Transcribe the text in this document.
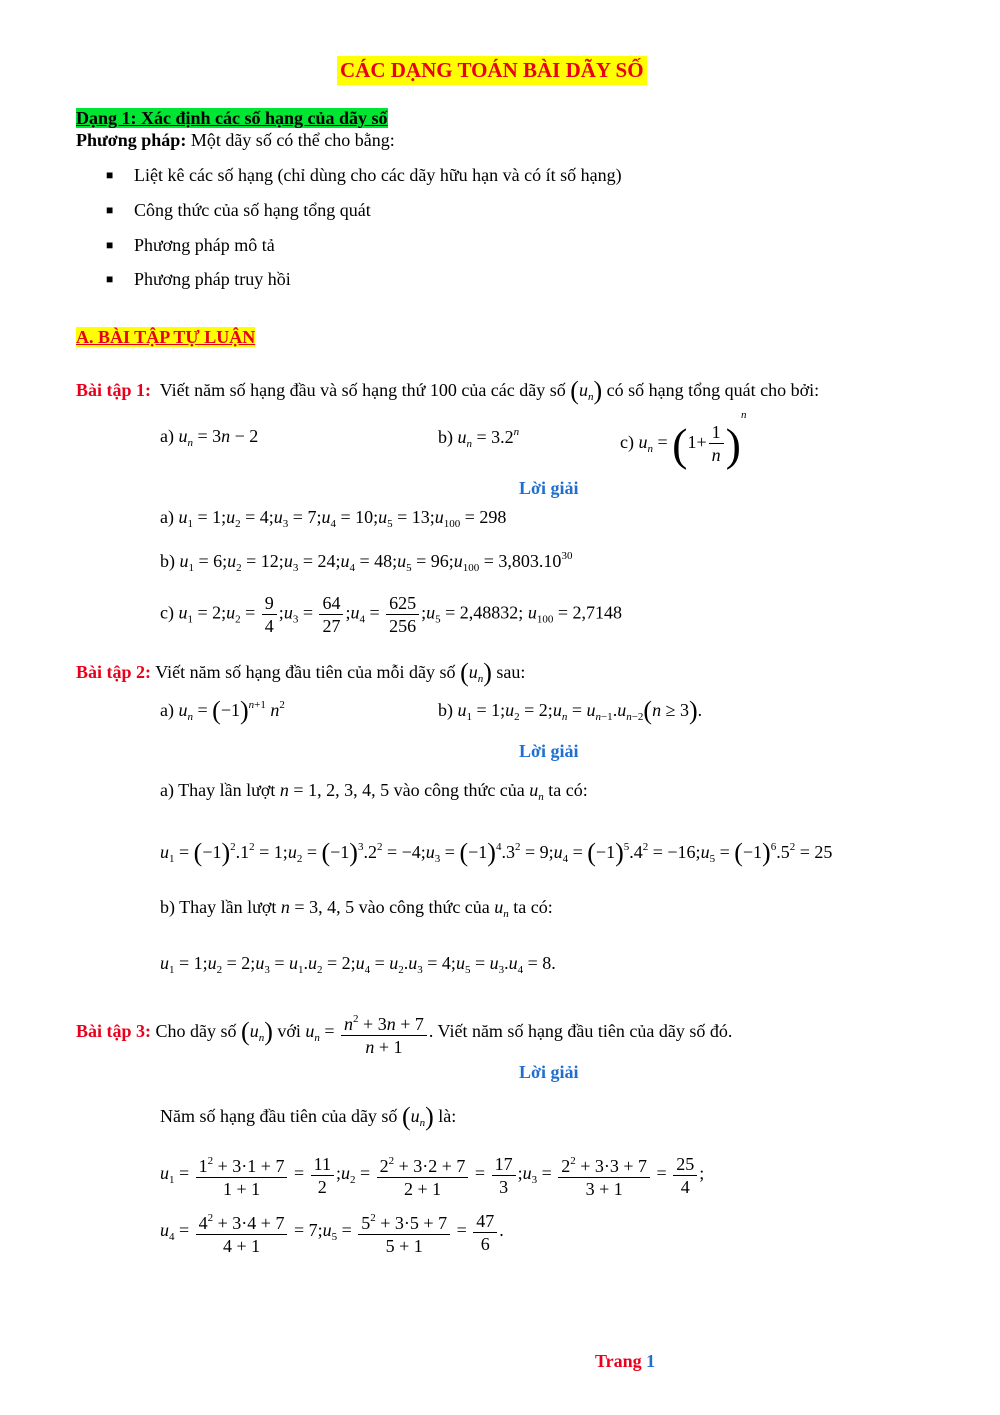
CÁC DẠNG TOÁN BÀI DÃY SỐ
Dạng 1: Xác định các số hạng của dãy số
Phương pháp: Một dãy số có thể cho bằng:
■ Liệt kê các số hạng (chỉ dùng cho các dãy hữu hạn và có ít số hạng)
■ Công thức của số hạng tổng quát
■ Phương pháp mô tả
■ Phương pháp truy hồi
A. BÀI TẬP TỰ LUẬN
Bài tập 1: Viết năm số hạng đầu và số hạng thứ 100 của các dãy số $(u_n)$ có số hạng tổng quát cho bởi:
a) $u_n = 3n - 2$	b) $u_n = 3.2^n$	c) $u_n = (1+ \frac{1}{n} )^n$
Lời giải
a) $u_1$ = $1;u_2$ = $4;u_3$ = $7;u_4$ = $10;u_5$ = $13;u_{100} = 298$
b) $u_1$ = $6;u_2$ = $12;u_3$ = $24;u_4$ = $48;u_5$ = $96;u_{100} = 3,803.10^{30}$
c) $u_1$ = $2;u_2 = \frac{9}{4}$ $;u_3 = \frac{64}{27}$ $;u_4 = \frac{625}{256}$ $;u_5 = 2,48832$; $u_{100} = 2,7148$
Bài tập 2: Viết năm số hạng đầu tiên của mỗi dãy số $(u_n)$ sau:
a) $u_n = (-1)^{n+1}$ $n^2$	b) $u_1$ = $1;u_2$ = $2;u_n = u_{n-1}.u_{n-2}(n \ge 3)$.
Lời giải
a) Thay lần lượt n = 1, 2, 3, 4, 5 vào công thức của $u_n$ ta có:
$u_1 = (-1)^2.1^2$ = $1;u_2 = (-1)^3.2^2$ = $-4;u_3 = (-1)^4.3^2$ = $9;u_4 = (-1)^5.4^2$ = $-16;u_5 = (-1)^6.5^2 = 25$
b) Thay lần lượt n = 3, 4, 5 vào công thức của $u_n$ ta có:
$u_1$ = $1;u_2$ = $2;u_3 = u_1.u_2$ = $2;u_4 = u_2.u_3$ = $4;u_5 = u_3.u_4 = 8$.
Bài tập 3: Cho dãy số $(u_n)$ với $u_n = \frac{n^2 + 3n + 7}{n + 1}$ . Viết năm số hạng đầu tiên của dãy số đó.
Lời giải
Năm số hạng đầu tiên của dãy số $(u_n)$ là:
$u_1 = \frac{1^2 + 3\cdot 1 + 7}{1 + 1} = \frac{11}{2}$ $;u_2 = \frac{2^2 + 3\cdot 2 + 7}{2 + 1} = \frac{17}{3}$ $;u_3 = \frac{2^2 + 3\cdot 3 + 7}{3 + 1} = \frac{25}{4}$ ;
$u_4 = \frac{4^2 + 3\cdot 4 + 7}{4 + 1}$ = $7;u_5 = \frac{5^2 + 3\cdot 5 + 7}{5 + 1} = \frac{47}{6}$ .
Trang 1
